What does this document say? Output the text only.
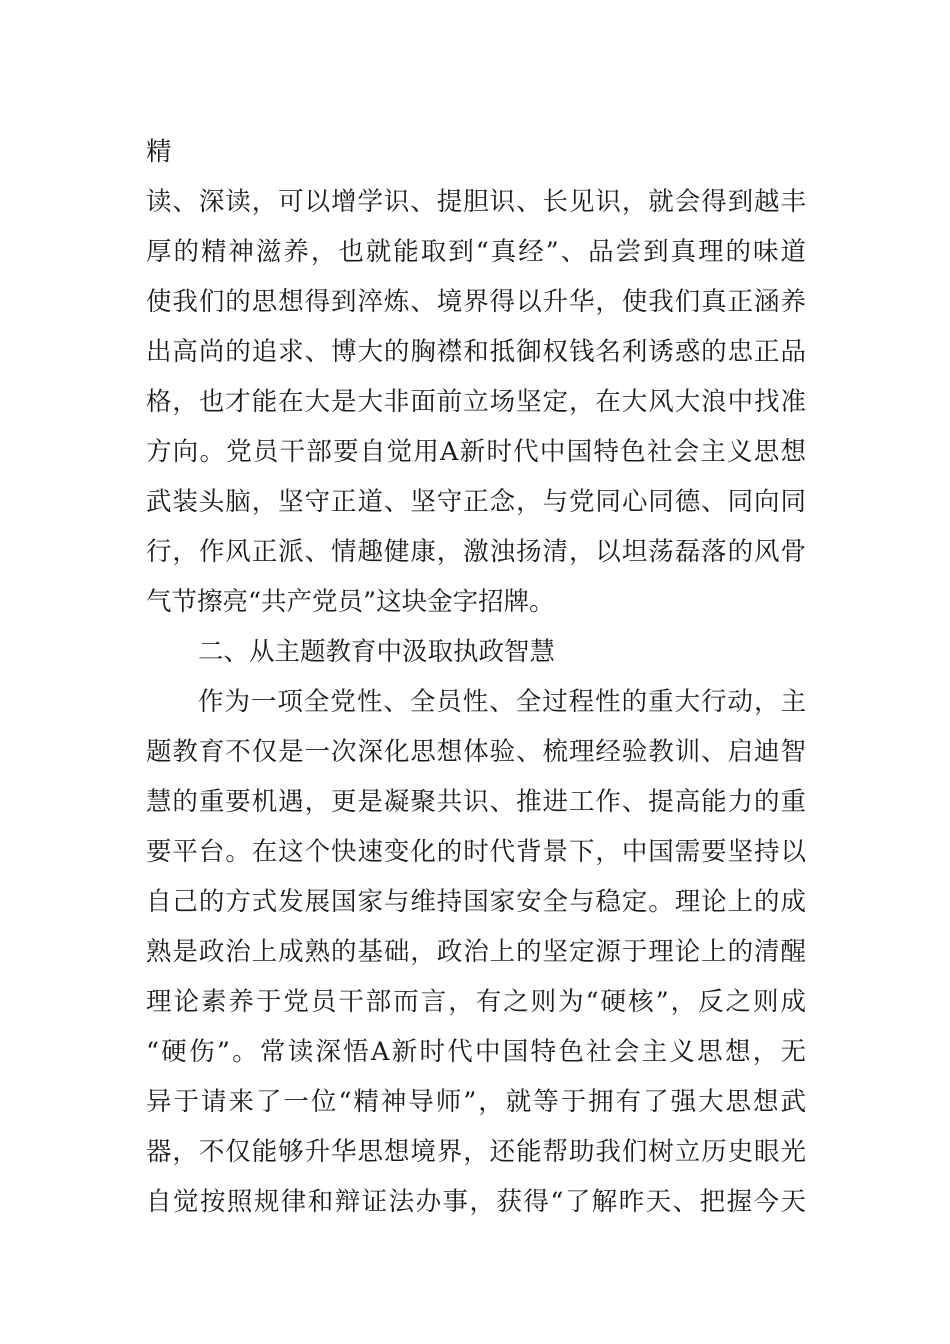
精
读、深读，可以增学识、提胆识、长见识，就会得到越丰
厚的精神滋养，也就能取到“真经”、品尝到真理的味道
使我们的思想得到淬炼、境界得以升华，使我们真正涵养
出高尚的追求、博大的胸襟和抵御权钱名利诱惑的忠正品
格，也才能在大是大非面前立场坚定，在大风大浪中找准
方向。党员干部要自觉用A新时代中国特色社会主义思想
武装头脑，坚守正道、坚守正念，与党同心同德、同向同
行，作风正派、情趣健康，激浊扬清，以坦荡磊落的风骨
气节擦亮“共产党员”这块金字招牌。
二、从主题教育中汲取执政智慧
作为一项全党性、全员性、全过程性的重大行动，主
题教育不仅是一次深化思想体验、梳理经验教训、启迪智
慧的重要机遇，更是凝聚共识、推进工作、提高能力的重
要平台。在这个快速变化的时代背景下，中国需要坚持以
自己的方式发展国家与维持国家安全与稳定。理论上的成
熟是政治上成熟的基础，政治上的坚定源于理论上的清醒
理论素养于党员干部而言，有之则为“硬核”，反之则成
“硬伤”。常读深悟A新时代中国特色社会主义思想，无
异于请来了一位“精神导师”，就等于拥有了强大思想武
器，不仅能够升华思想境界，还能帮助我们树立历史眼光
自觉按照规律和辩证法办事，获得“了解昨天、把握今天
